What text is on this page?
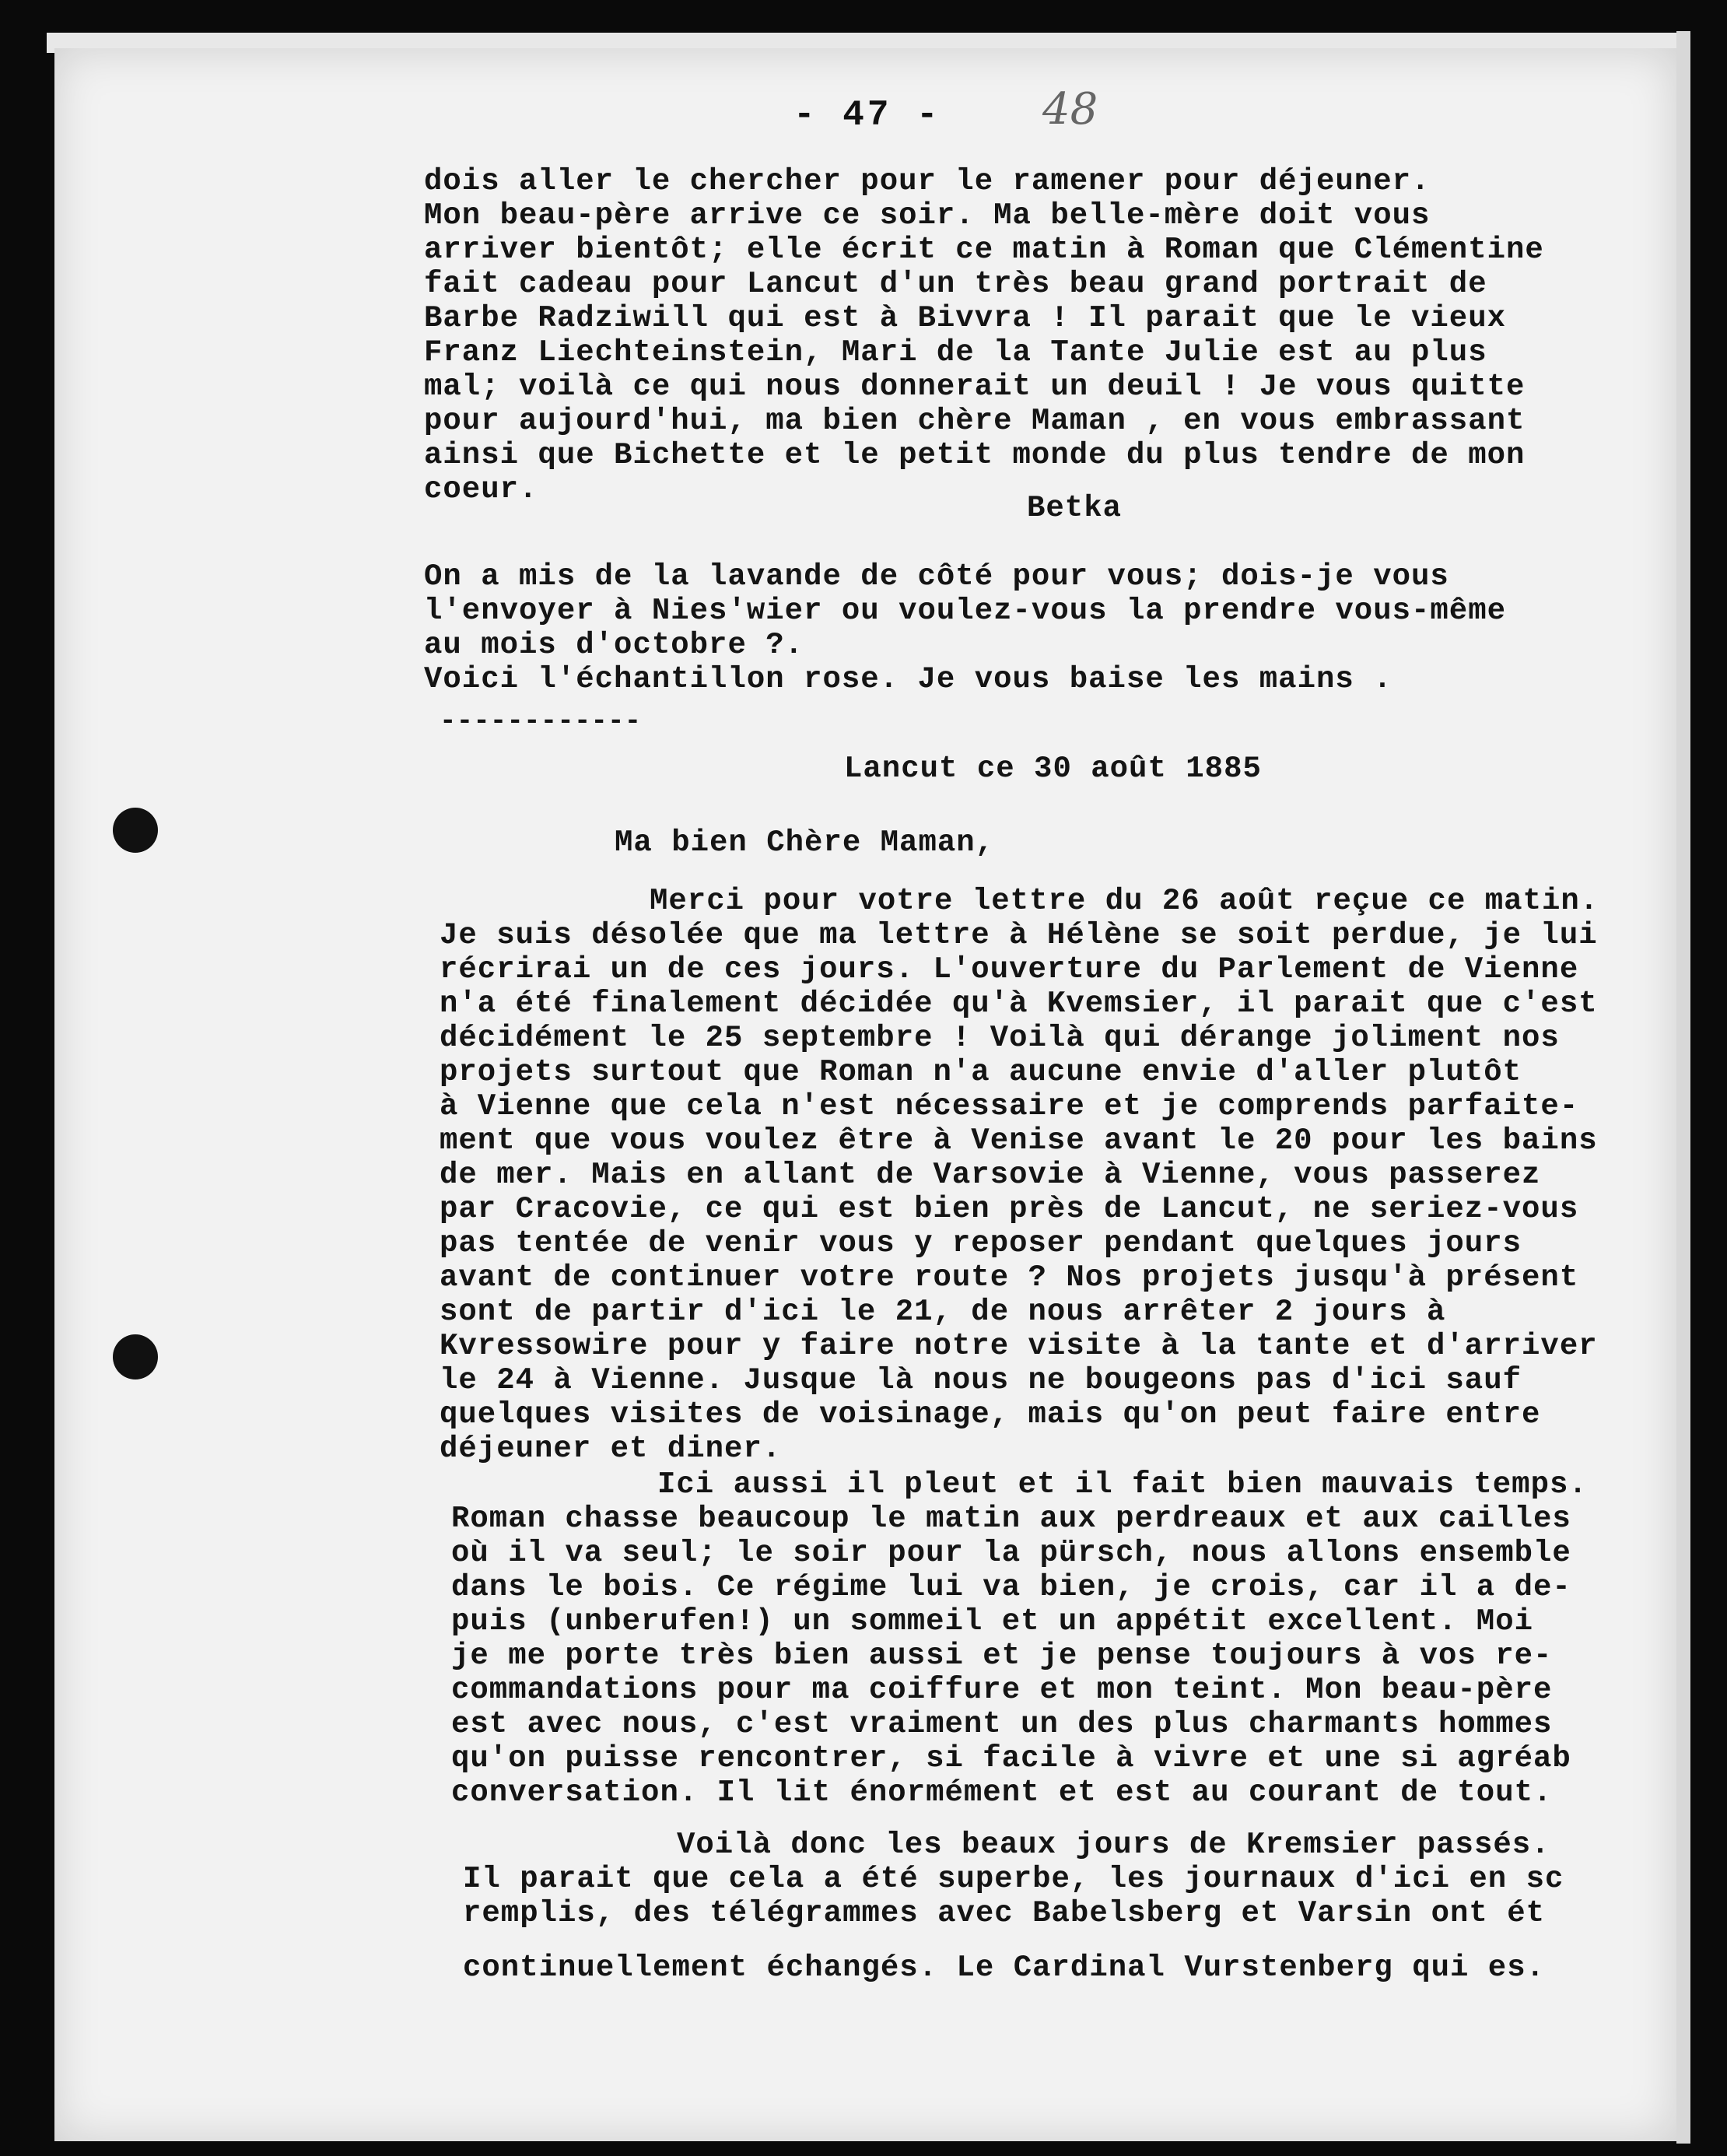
- 47 - 48
dois aller le chercher pour le ramener pour déjeuner.
Mon beau-père arrive ce soir. Ma belle-mère doit vous
arriver bientôt; elle écrit ce matin à Roman que Clémentine
fait cadeau pour Lancut d'un très beau grand portrait de
Barbe Radziwill qui est à Bivvra ! Il parait que le vieux
Franz Liechteinstein, Mari de la Tante Julie est au plus
mal; voilà ce qui nous donnerait un deuil ! Je vous quitte
pour aujourd'hui, ma bien chère Maman , en vous embrassant
ainsi que Bichette et le petit monde du plus tendre de mon
coeur.
Betka
On a mis de la lavande de côté pour vous; dois-je vous
l'envoyer à Nies'wier ou voulez-vous la prendre vous-même
au mois d'octobre ?.
Voici l'échantillon rose. Je vous baise les mains .
------------
Lancut ce 30 août 1885
Ma bien Chère Maman,
Merci pour votre lettre du 26 août reçue ce matin.
Je suis désolée que ma lettre à Hélène se soit perdue, je lui
récrirai un de ces jours. L'ouverture du Parlement de Vienne
n'a été finalement décidée qu'à Kvemsier, il parait que c'est
décidément le 25 septembre ! Voilà qui dérange joliment nos
projets surtout que Roman n'a aucune envie d'aller plutôt
à Vienne que cela n'est nécessaire et je comprends parfaite-
ment que vous voulez être à Venise avant le 20 pour les bains
de mer. Mais en allant de Varsovie à Vienne, vous passerez
par Cracovie, ce qui est bien près de Lancut, ne seriez-vous
pas tentée de venir vous y reposer pendant quelques jours
avant de continuer votre route ? Nos projets jusqu'à présent
sont de partir d'ici le 21, de nous arrêter 2 jours à
Kvressowire pour y faire notre visite à la tante et d'arriver
le 24 à Vienne. Jusque là nous ne bougeons pas d'ici sauf
quelques visites de voisinage, mais qu'on peut faire entre
déjeuner et diner.
Ici aussi il pleut et il fait bien mauvais temps.
Roman chasse beaucoup le matin aux perdreaux et aux cailles
où il va seul; le soir pour la pürsch, nous allons ensemble
dans le bois. Ce régime lui va bien, je crois, car il a de-
puis (unberufen!) un sommeil et un appétit excellent. Moi
je me porte très bien aussi et je pense toujours à vos re-
commandations pour ma coiffure et mon teint. Mon beau-père
est avec nous, c'est vraiment un des plus charmants hommes
qu'on puisse rencontrer, si facile à vivre et une si agréab
conversation. Il lit énormément et est au courant de tout.
Voilà donc les beaux jours de Kremsier passés.
Il parait que cela a été superbe, les journaux d'ici en sc
remplis, des télégrammes avec Babelsberg et Varsin ont ét
continuellement échangés. Le Cardinal Vurstenberg qui es.
